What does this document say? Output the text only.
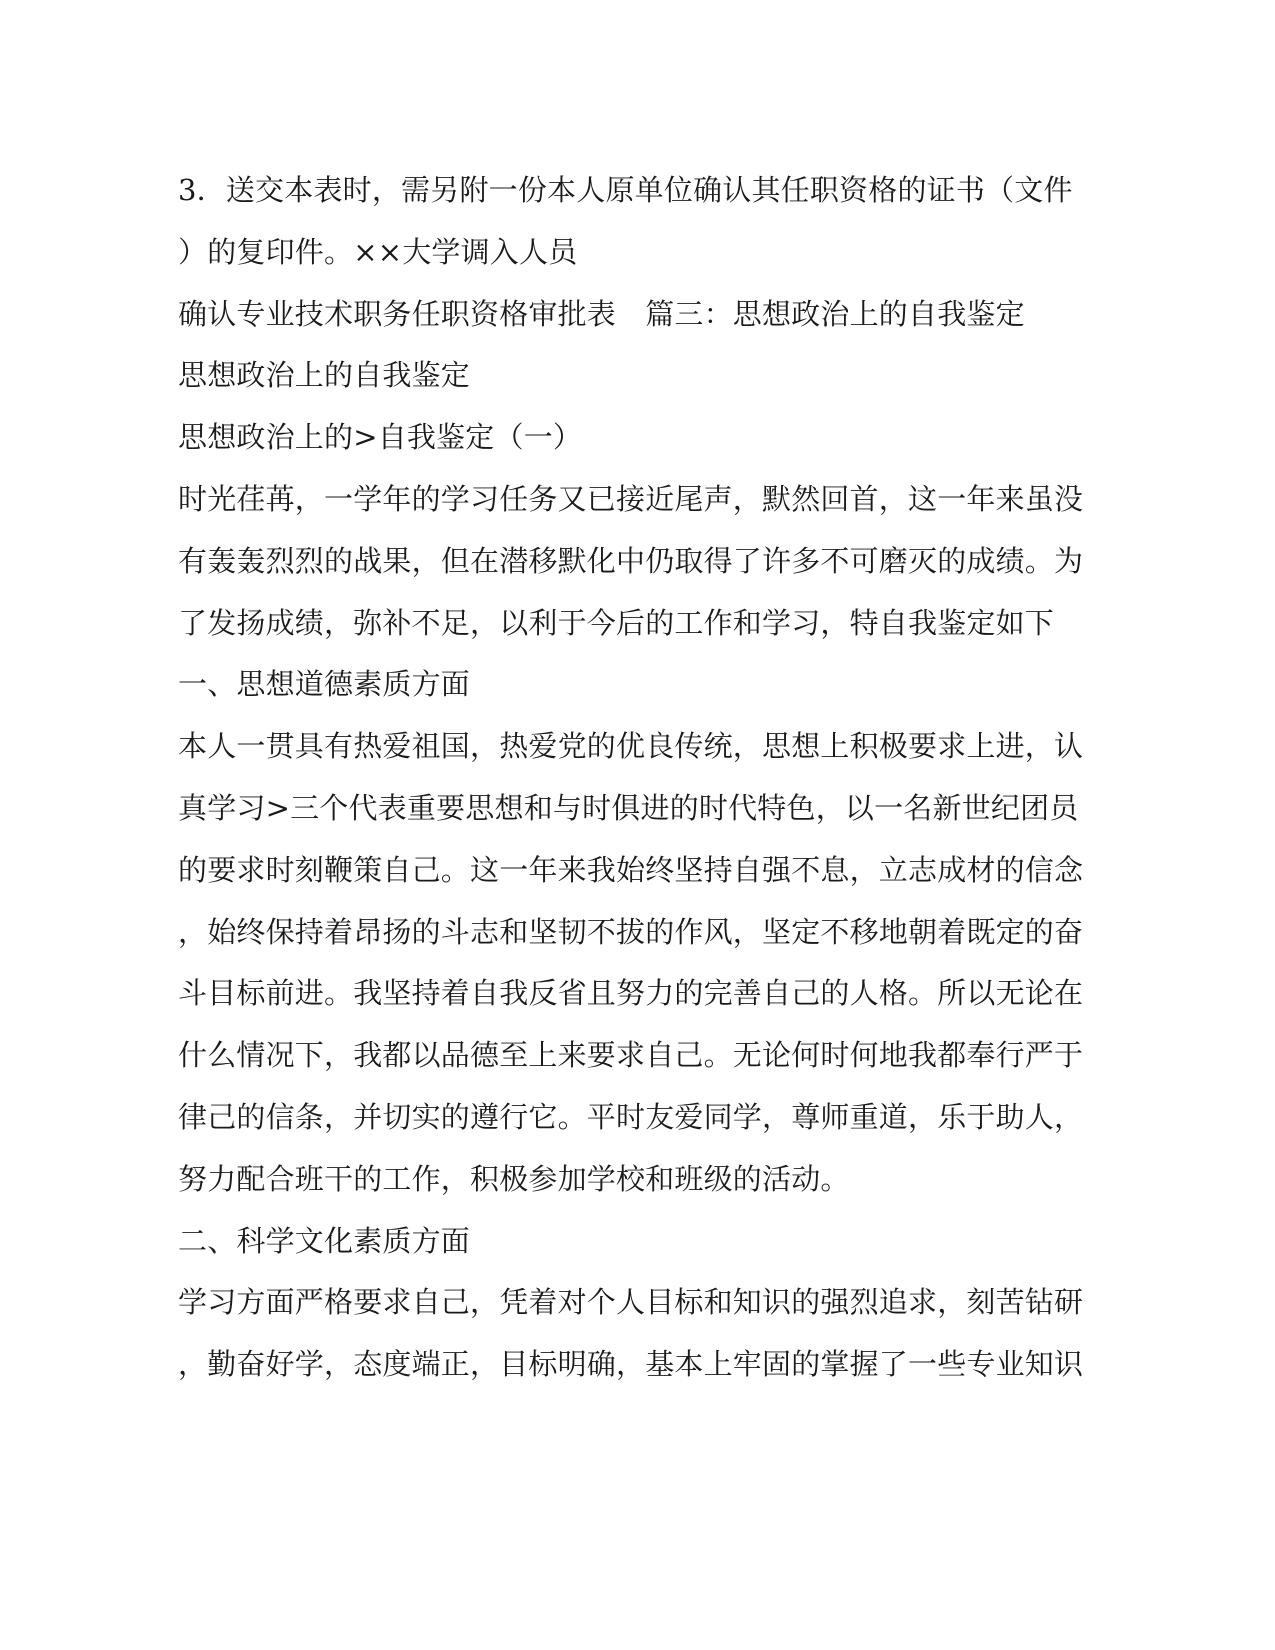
3．送交本表时，需另附一份本人原单位确认其任职资格的证书（文件
）的复印件。××大学调入人员
确认专业技术职务任职资格审批表　篇三：思想政治上的自我鉴定
思想政治上的自我鉴定
思想政治上的>自我鉴定（一）
时光荏苒，一学年的学习任务又已接近尾声，默然回首，这一年来虽没
有轰轰烈烈的战果，但在潜移默化中仍取得了许多不可磨灭的成绩。为
了发扬成绩，弥补不足，以利于今后的工作和学习，特自我鉴定如下
一、思想道德素质方面
本人一贯具有热爱祖国，热爱党的优良传统，思想上积极要求上进，认
真学习>三个代表重要思想和与时俱进的时代特色，以一名新世纪团员
的要求时刻鞭策自己。这一年来我始终坚持自强不息，立志成材的信念
，始终保持着昂扬的斗志和坚韧不拔的作风，坚定不移地朝着既定的奋
斗目标前进。我坚持着自我反省且努力的完善自己的人格。所以无论在
什么情况下，我都以品德至上来要求自己。无论何时何地我都奉行严于
律己的信条，并切实的遵行它。平时友爱同学，尊师重道，乐于助人，
努力配合班干的工作，积极参加学校和班级的活动。
二、科学文化素质方面
学习方面严格要求自己，凭着对个人目标和知识的强烈追求，刻苦钻研
，勤奋好学，态度端正，目标明确，基本上牢固的掌握了一些专业知识
